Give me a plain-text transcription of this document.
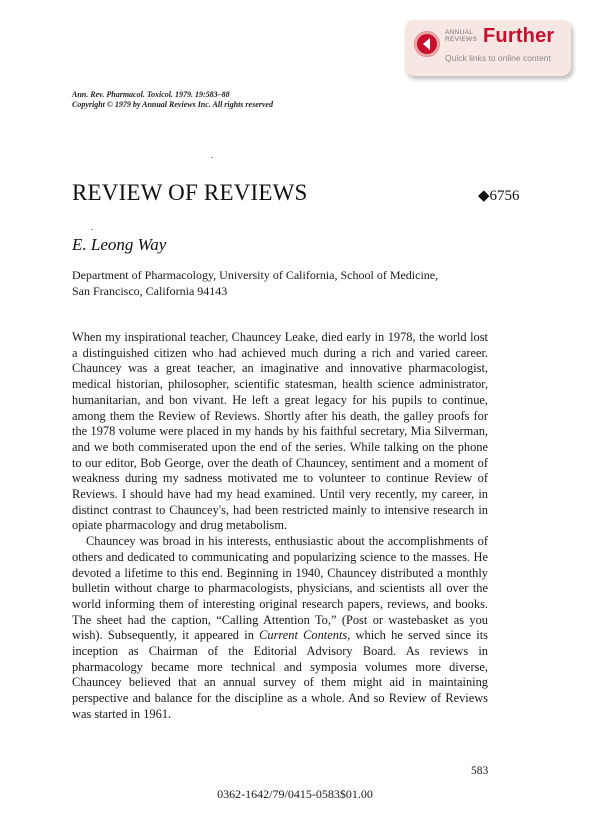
ANNUAL
REVIEWS Further
Quick links to online content
Ann. Rev. Pharmacol. Toxicol. 1979. 19:583–88
Copyright © 1979 by Annual Reviews Inc. All rights reserved
REVIEW OF REVIEWS	◆6756
E. Leong Way
Department of Pharmacology, University of California, School of Medicine,
San Francisco, California 94143

When my inspirational teacher, Chauncey Leake, died early in 1978, the world lost a distinguished citizen who had achieved much during a rich and varied career. Chauncey was a great teacher, an imaginative and innovative pharmacologist, medical historian, philosopher, scientific statesman, health science administrator, humanitarian, and bon vivant. He left a great legacy for his pupils to continue, among them the Review of Reviews. Shortly after his death, the galley proofs for the 1978 volume were placed in my hands by his faithful secretary, Mia Silverman, and we both commiserated upon the end of the series. While talking on the phone to our editor, Bob George, over the death of Chauncey, sentiment and a moment of weakness during my sadness motivated me to volunteer to continue Review of Reviews. I should have had my head examined. Until very recently, my career, in distinct contrast to Chauncey's, had been restricted mainly to intensive research in opiate pharmacology and drug metabolism.

Chauncey was broad in his interests, enthusiastic about the accomplishments of others and dedicated to communicating and popularizing science to the masses. He devoted a lifetime to this end. Beginning in 1940, Chauncey distributed a monthly bulletin without charge to pharmacologists, physicians, and scientists all over the world informing them of interesting original research papers, reviews, and books. The sheet had the caption, “Calling Attention To,” (Post or wastebasket as you wish). Subsequently, it appeared in Current Contents, which he served since its inception as Chairman of the Editorial Advisory Board. As reviews in pharmacology became more technical and symposia volumes more diverse, Chauncey believed that an annual survey of them might aid in maintaining perspective and balance for the discipline as a whole. And so Review of Reviews was started in 1961.

583
0362-1642/79/0415-0583$01.00
